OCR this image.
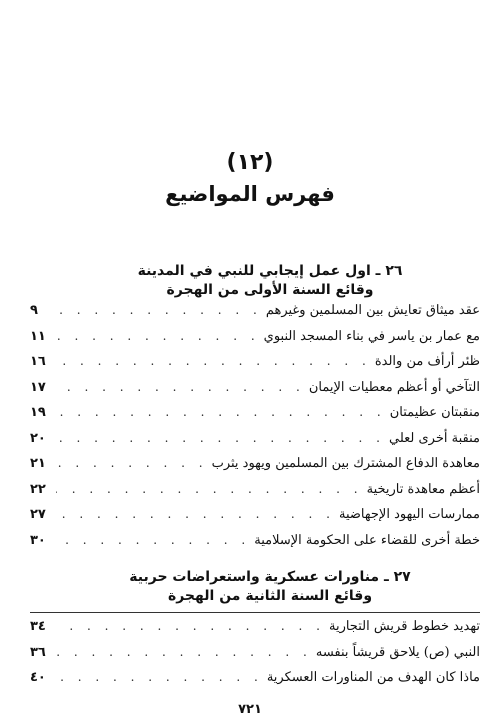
(١٢)
فهرس المواضيع
٢٦ ـ اول عمل إيجابي للنبي في المدينة
وقائع السنة الأولى من الهجرة
عقد ميثاق تعايش بين المسلمين وغيرهم
. . .
٩
مع عمار بن ياسر في بناء المسجد النبوي
. . .
١١
ظئر أرأف من والدة
. . .
١٦
التآخي أو أعظم معطيات الإيمان
. . .
١٧
منقبتان عظيمتان
. . .
١٩
منقبة أخرى لعلي
. . .
٢٠
معاهدة الدفاع المشترك بين المسلمين ويهود يثرب
. . .
٢١
أعظم معاهدة تاريخية
. . .
٢٢
ممارسات اليهود الإجهاضية
. . .
٢٧
خطة أخرى للقضاء على الحكومة الإسلامية
. . .
٣٠
٢٧ ـ مناورات عسكرية واستعراضات حربية
وقائع السنة الثانية من الهجرة
تهديد خطوط قريش التجارية
. . .
٣٤
النبي (ص) يلاحق قريشاً بنفسه
. . .
٣٦
ماذا كان الهدف من المناورات العسكرية
. . .
٤٠
٧٢١
